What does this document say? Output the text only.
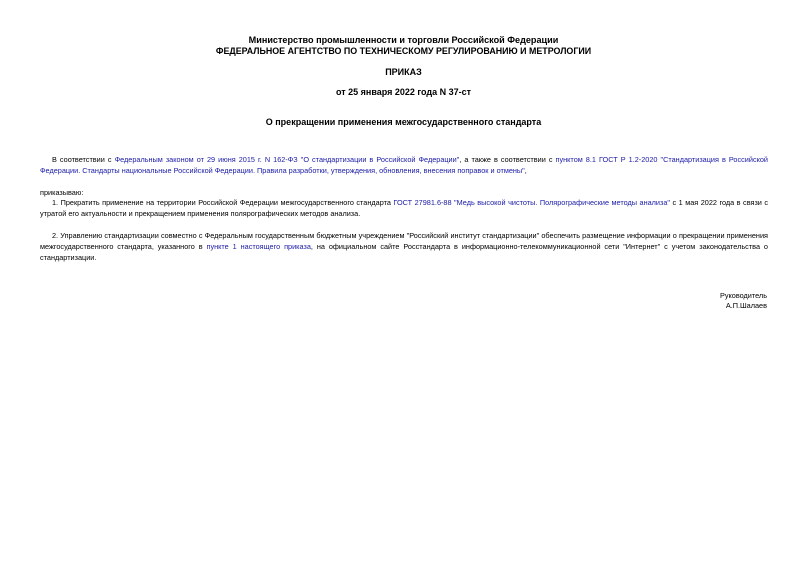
Министерство промышленности и торговли Российской Федерации
ФЕДЕРАЛЬНОЕ АГЕНТСТВО ПО ТЕХНИЧЕСКОМУ РЕГУЛИРОВАНИЮ И МЕТРОЛОГИИ
ПРИКАЗ
от 25 января 2022 года N 37-ст
О прекращении применения межгосударственного стандарта
В соответствии с Федеральным законом от 29 июня 2015 г. N 162-ФЗ "О стандартизации в Российской Федерации", а также в соответствии с пунктом 8.1 ГОСТ Р 1.2-2020 "Стандартизация в Российской Федерации. Стандарты национальные Российской Федерации. Правила разработки, утверждения, обновления, внесения поправок и отмены",
приказываю:
1. Прекратить применение на территории Российской Федерации межгосударственного стандарта ГОСТ 27981.6-88 "Медь высокой чистоты. Полярографические методы анализа" с 1 мая 2022 года в связи с утратой его актуальности и прекращением применения полярографических методов анализа.
2. Управлению стандартизации совместно с Федеральным государственным бюджетным учреждением "Российский институт стандартизации" обеспечить размещение информации о прекращении применения межгосударственного стандарта, указанного в пункте 1 настоящего приказа, на официальном сайте Росстандарта в информационно-телекоммуникационной сети "Интернет" с учетом законодательства о стандартизации.
Руководитель
А.П.Шалаев
